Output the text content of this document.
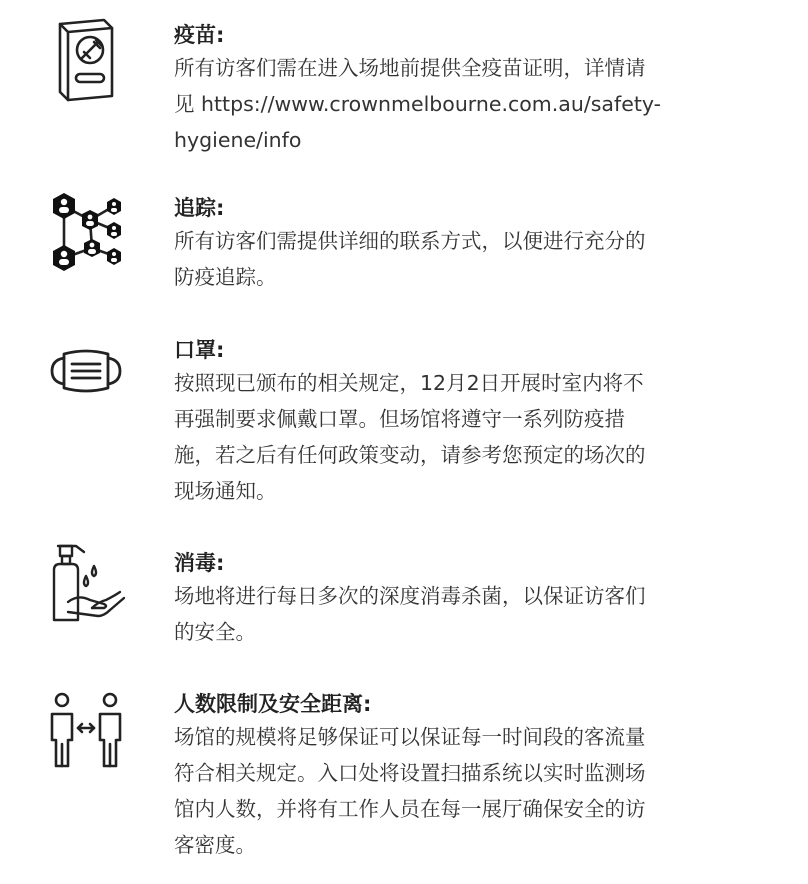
疫苗:

所有访客们需在进入场地前提供全疫苗证明，详情请
见 https://www.crownmelbourne.com.au/safety-
hygiene/info

追踪:

所有访客们需提供详细的联系方式，以便进行充分的
防疫追踪。

口罩:

按照现已颁布的相关规定，12月2日开展时室内将不
再强制要求佩戴口罩。但场馆将遵守一系列防疫措
施，若之后有任何政策变动，请参考您预定的场次的
现场通知。

消毒:

场地将进行每日多次的深度消毒杀菌，以保证访客们
的安全。

人数限制及安全距离:

场馆的规模将足够保证可以保证每一时间段的客流量
符合相关规定。入口处将设置扫描系统以实时监测场
馆内人数，并将有工作人员在每一展厅确保安全的访
客密度。
